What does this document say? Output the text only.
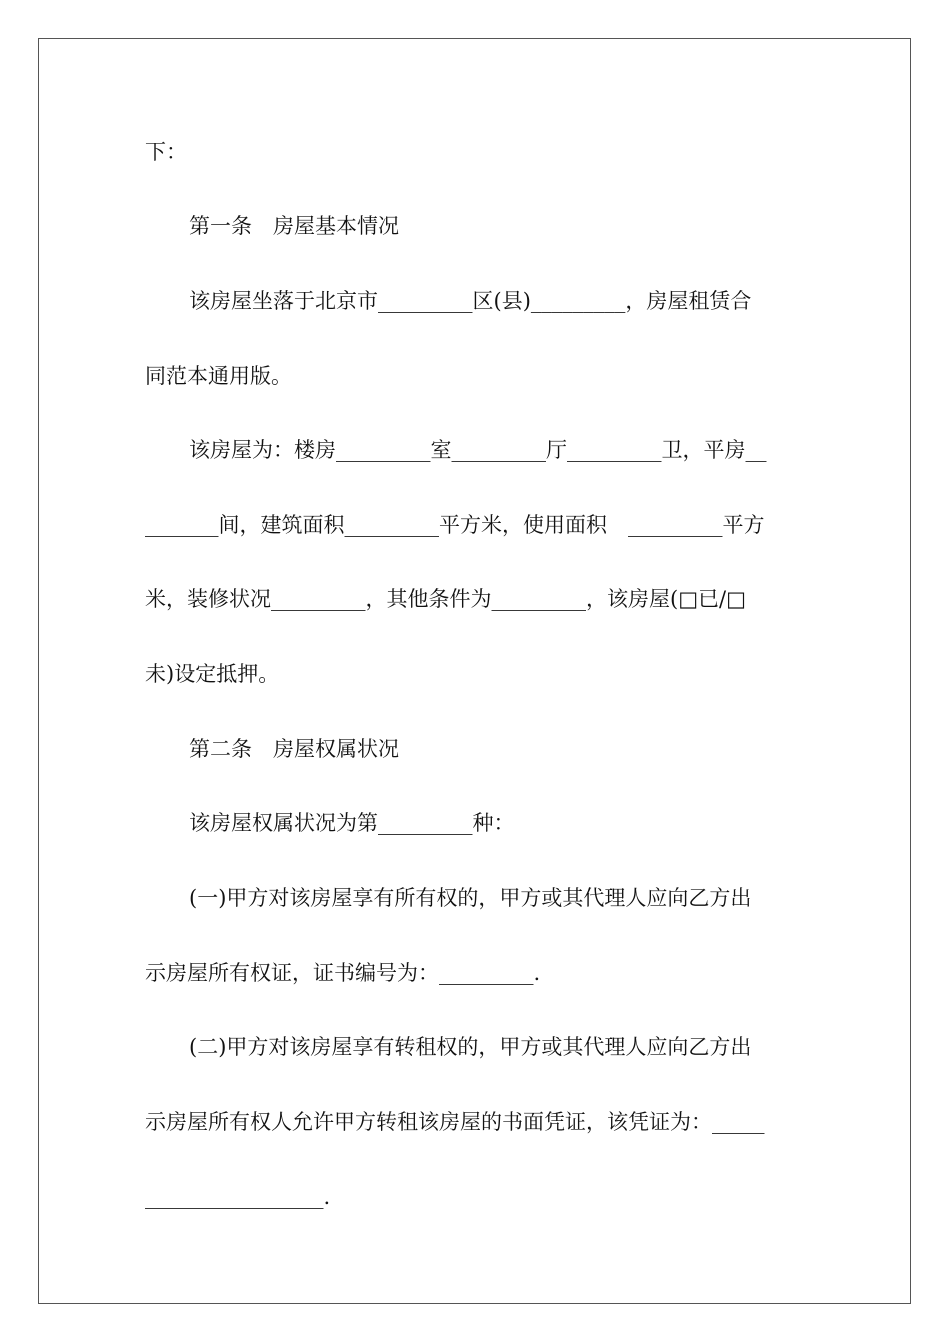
下：
第一条　房屋基本情况
该房屋坐落于北京市_________区(县)_________，房屋租赁合
同范本通用版。
该房屋为：楼房_________室_________厅_________卫，平房__
_______间，建筑面积_________平方米，使用面积　_________平方
米，装修状况_________，其他条件为_________，该房屋(□已/□
未)设定抵押。
第二条　房屋权属状况
该房屋权属状况为第_________种：
(一)甲方对该房屋享有所有权的，甲方或其代理人应向乙方出
示房屋所有权证，证书编号为：_________.
(二)甲方对该房屋享有转租权的，甲方或其代理人应向乙方出
示房屋所有权人允许甲方转租该房屋的书面凭证，该凭证为：_____
_________________.
